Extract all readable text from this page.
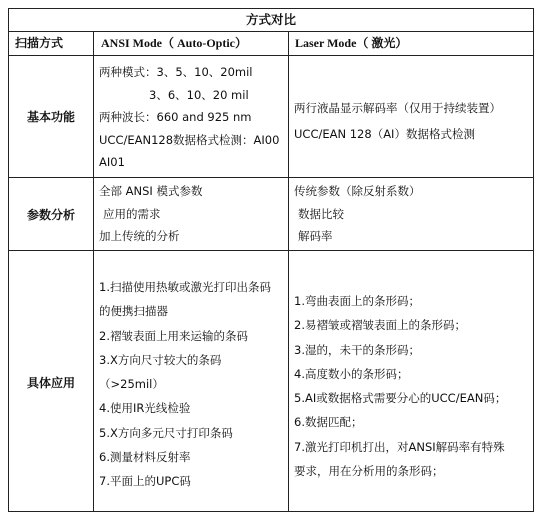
方式对比
扫描方式	ANSI Mode（ Auto-Optic）	Laser Mode（ 激光）
基本功能
两种模式：3、5、10、20mil
3、6、10、20 mil
两种波长：660 and 925 nm
UCC/EAN128数据格式检测：AI00
AI01
两行液晶显示解码率（仅用于持续装置）
UCC/EAN 128（AI）数据格式检测
参数分析
全部 ANSI 模式参数
应用的需求
加上传统的分析
传统参数（除反射系数）
数据比较
解码率
具体应用
1.扫描使用热敏或激光打印出条码
的便携扫描器
2.褶皱表面上用来运输的条码
3.X方向尺寸较大的条码
（>25mil）
4.使用IR光线检验
5.X方向多元尺寸打印条码
6.测量材料反射率
7.平面上的UPC码
1.弯曲表面上的条形码；
2.易褶皱或褶皱表面上的条形码；
3.湿的，未干的条形码；
4.高度数小的条形码；
5.AI或数据格式需要分心的UCC/EAN码；
6.数据匹配；
7.激光打印机打出，对ANSI解码率有特殊
要求，用在分析用的条形码；
